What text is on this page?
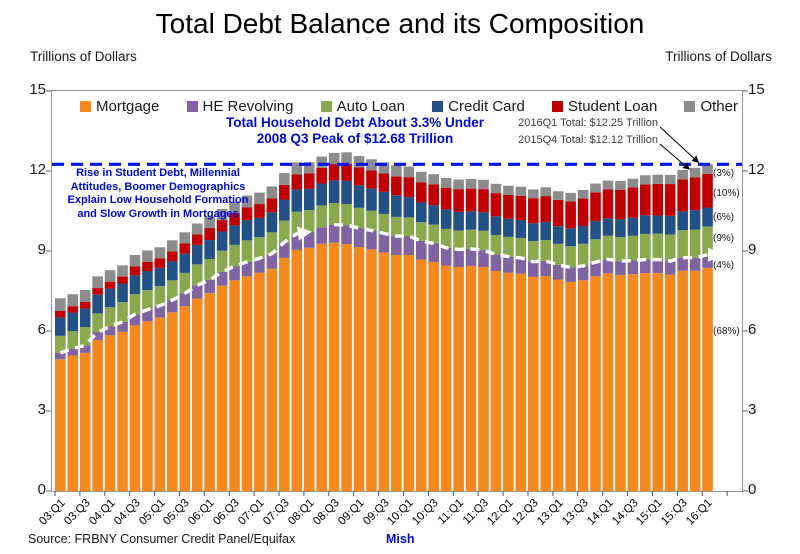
Total Debt Balance and its Composition
Trillions of Dollars	Trillions of Dollars
Mortgage	HE Revolving	Auto Loan	Credit Card	Student Loan	Other
Total Household Debt About 3.3% Under
2008 Q3 Peak of $12.68 Trillion
2016Q1 Total: $12.25 Trillion
2015Q4 Total: $12.12 Trillion
Rise in Student Debt, Millennial
Attitudes, Boomer Demographics
Explain Low Household Formation
and Slow Growth in Mortgages
(3%)
(10%)
(6%)
(9%)
(4%)
(68%)
0
3
6
9
12
15
0
3
6
9
12
15
03:Q1
03:Q3
04:Q1
04:Q3
05:Q1
05:Q3
06:Q1
06:Q3
07:Q1
07:Q3
08:Q1
08:Q3
09:Q1
09:Q3
10:Q1
10:Q3
11:Q1
11:Q3
12:Q1
12:Q3
13:Q1
13:Q3
14:Q1
14:Q3
15:Q1
15:Q3
16:Q1
Source: FRBNY Consumer Credit Panel/Equifax	Mish
